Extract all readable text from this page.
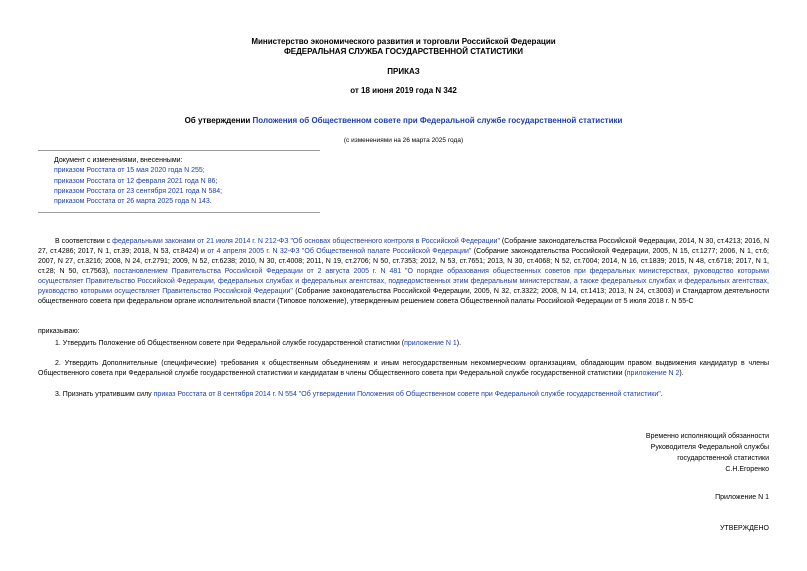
Министерство экономического развития и торговли Российской Федерации
ФЕДЕРАЛЬНАЯ СЛУЖБА ГОСУДАРСТВЕННОЙ СТАТИСТИКИ
ПРИКАЗ
от 18 июня 2019 года N 342
Об утверждении Положения об Общественном совете при Федеральной службе государственной статистики
(с изменениями на 26 марта 2025 года)
Документ с изменениями, внесенными:
приказом Росстата от 15 мая 2020 года N 255;
приказом Росстата от 12 февраля 2021 года N 86;
приказом Росстата от 23 сентября 2021 года N 584;
приказом Росстата от 26 марта 2025 года N 143.
В соответствии с федеральными законами от 21 июля 2014 г. N 212-ФЗ "Об основах общественного контроля в Российской Федерации" (Собрание законодательства Российской Федерации, 2014, N 30, ст.4213; 2016, N 27, ст.4286; 2017, N 1, ст.39; 2018, N 53, ст.8424) и от 4 апреля 2005 г. N 32-ФЗ "Об Общественной палате Российской Федерации" (Собрание законодательства Российской Федерации, 2005, N 15, ст.1277; 2006, N 1, ст.6; 2007, N 27, ст.3216; 2008, N 24, ст.2791; 2009, N 52, ст.6238; 2010, N 30, ст.4008; 2011, N 19, ст.2706; N 50, ст.7353; 2012, N 53, ст.7651; 2013, N 30, ст.4068; N 52, ст.7004; 2014, N 16, ст.1839; 2015, N 48, ст.6718; 2017, N 1, ст.28; N 50, ст.7563), постановлением Правительства Российской Федерации от 2 августа 2005 г. N 481 "О порядке образования общественных советов при федеральных министерствах, руководство которыми осуществляет Правительство Российской Федерации, федеральных службах и федеральных агентствах, подведомственных этим федеральным министерствам, а также федеральных службах и федеральных агентствах, руководство которыми осуществляет Правительство Российской Федерации" (Собрание законодательства Российской Федерации, 2005, N 32, ст.3322; 2008, N 14, ст.1413; 2013, N 24, ст.3003) и Стандартом деятельности общественного совета при федеральном органе исполнительной власти (Типовое положение), утвержденным решением совета Общественной палаты Российской Федерации от 5 июля 2018 г. N 55-С
приказываю:
1. Утвердить Положение об Общественном совете при Федеральной службе государственной статистики (приложение N 1).
2. Утвердить Дополнительные (специфические) требования к общественным объединениям и иным негосударственным некоммерческим организациям, обладающим правом выдвижения кандидатур в члены Общественного совета при Федеральной службе государственной статистики и кандидатам в члены Общественного совета при Федеральной службе государственной статистики (приложение N 2).
3. Признать утратившим силу приказ Росстата от 8 сентября 2014 г. N 554 "Об утверждении Положения об Общественном совете при Федеральной службе государственной статистики".
Временно исполняющий обязанности
Руководителя Федеральной службы
государственной статистики
С.Н.Егоренко
Приложение N 1
УТВЕРЖДЕНО
